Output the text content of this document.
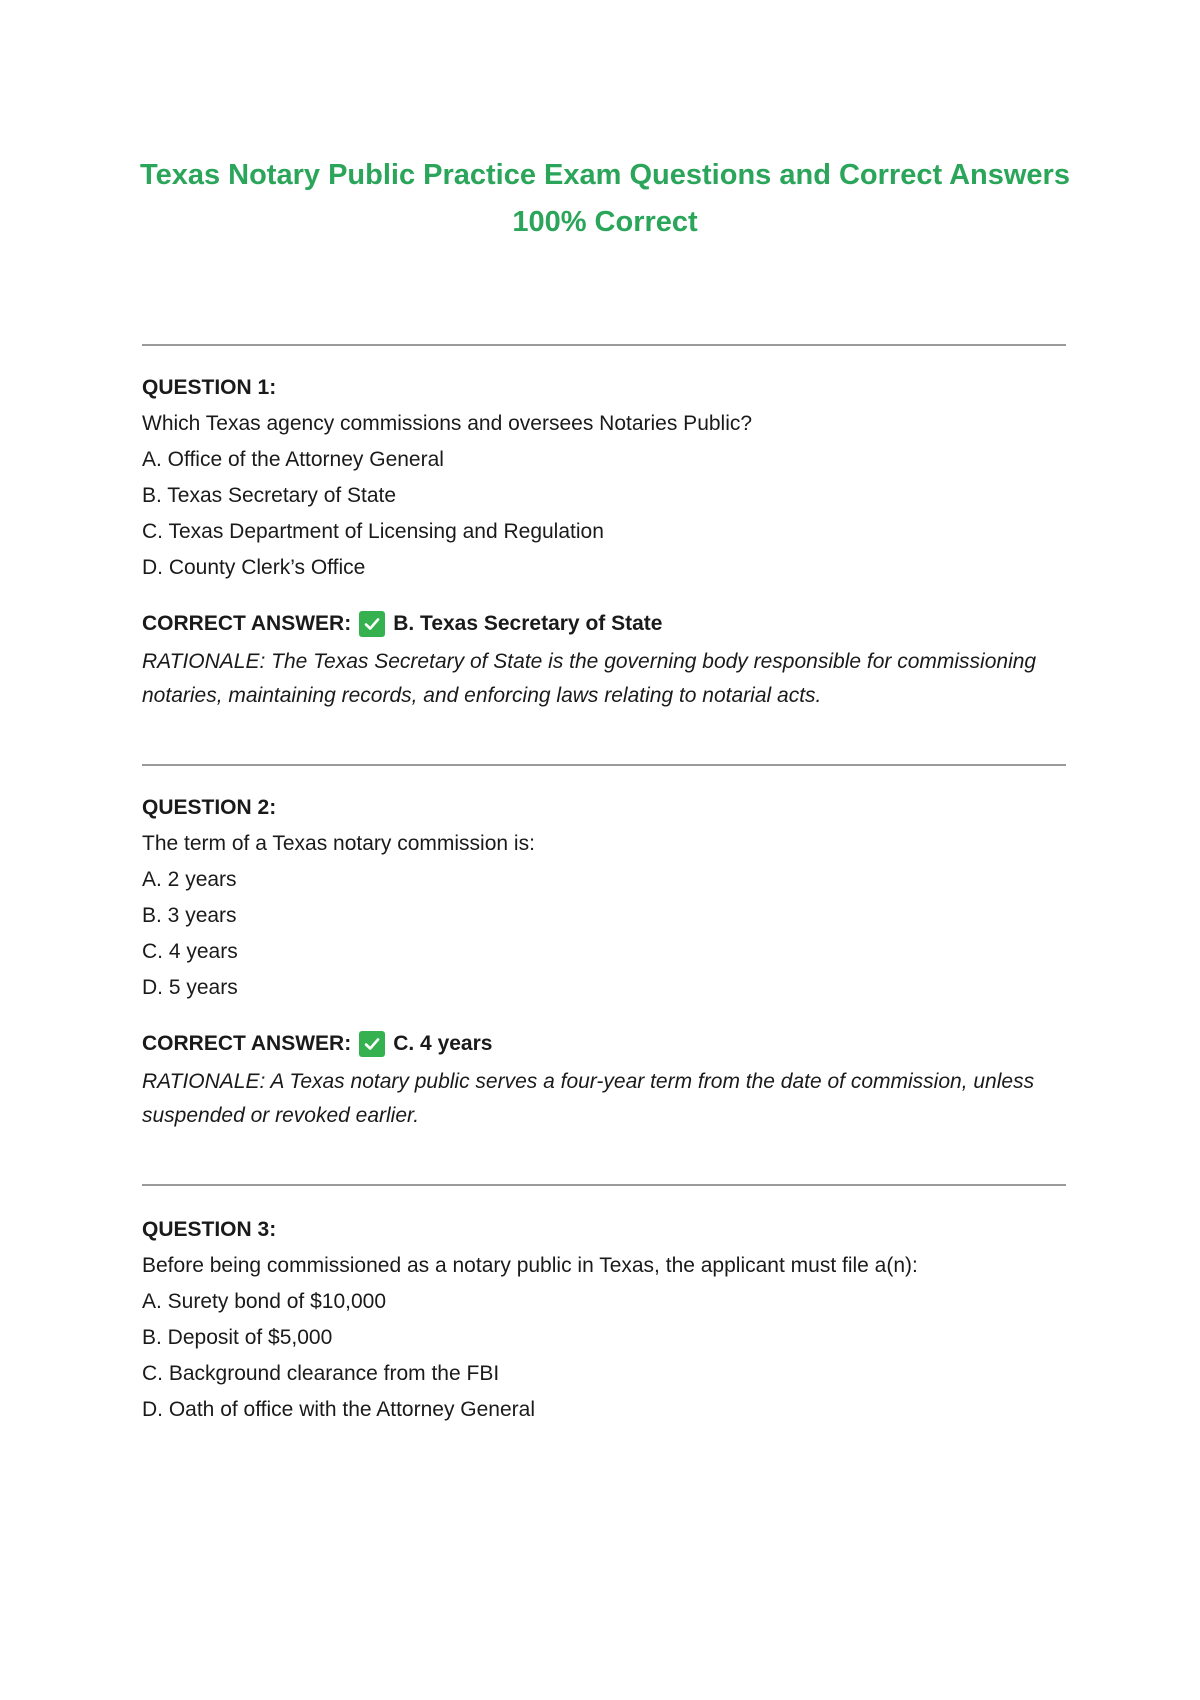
Texas Notary Public Practice Exam Questions and Correct Answers
100% Correct
QUESTION 1:
Which Texas agency commissions and oversees Notaries Public?
A. Office of the Attorney General
B. Texas Secretary of State
C. Texas Department of Licensing and Regulation
D. County Clerk’s Office
CORRECT ANSWER: B. Texas Secretary of State
RATIONALE: The Texas Secretary of State is the governing body responsible for commissioning notaries, maintaining records, and enforcing laws relating to notarial acts.
QUESTION 2:
The term of a Texas notary commission is:
A. 2 years
B. 3 years
C. 4 years
D. 5 years
CORRECT ANSWER: C. 4 years
RATIONALE: A Texas notary public serves a four-year term from the date of commission, unless suspended or revoked earlier.
QUESTION 3:
Before being commissioned as a notary public in Texas, the applicant must file a(n):
A. Surety bond of $10,000
B. Deposit of $5,000
C. Background clearance from the FBI
D. Oath of office with the Attorney General
